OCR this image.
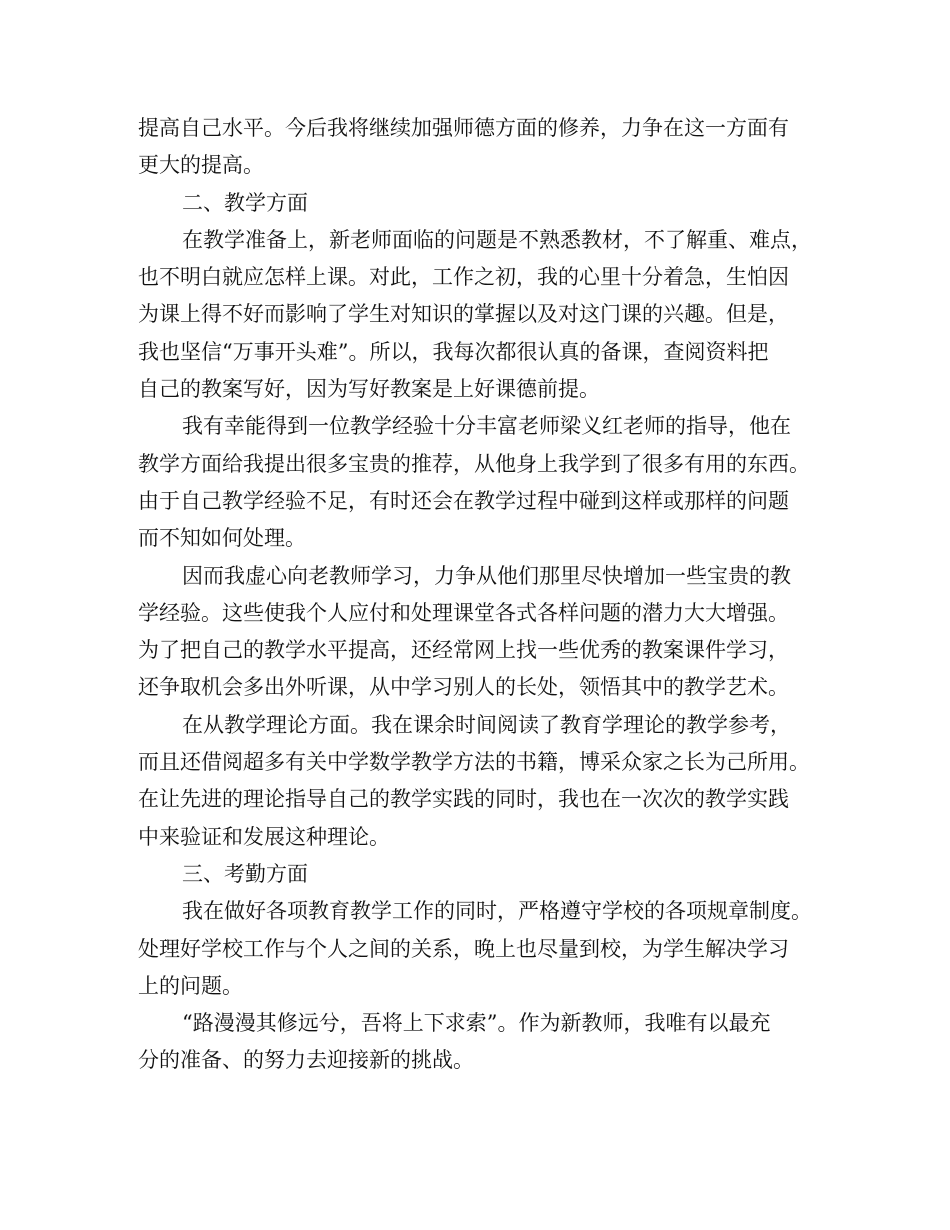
提高自己水平。今后我将继续加强师德方面的修养，力争在这一方面有
更大的提高。
二、教学方面
在教学准备上，新老师面临的问题是不熟悉教材，不了解重、难点，
也不明白就应怎样上课。对此，工作之初，我的心里十分着急，生怕因
为课上得不好而影响了学生对知识的掌握以及对这门课的兴趣。但是，
我也坚信“万事开头难”。所以，我每次都很认真的备课，查阅资料把
自己的教案写好，因为写好教案是上好课德前提。
我有幸能得到一位教学经验十分丰富老师梁义红老师的指导，他在
教学方面给我提出很多宝贵的推荐，从他身上我学到了很多有用的东西。
由于自己教学经验不足，有时还会在教学过程中碰到这样或那样的问题
而不知如何处理。
因而我虚心向老教师学习，力争从他们那里尽快增加一些宝贵的教
学经验。这些使我个人应付和处理课堂各式各样问题的潜力大大增强。
为了把自己的教学水平提高，还经常网上找一些优秀的教案课件学习，
还争取机会多出外听课，从中学习别人的长处，领悟其中的教学艺术。
在从教学理论方面。我在课余时间阅读了教育学理论的教学参考，
而且还借阅超多有关中学数学教学方法的书籍，博采众家之长为己所用。
在让先进的理论指导自己的教学实践的同时，我也在一次次的教学实践
中来验证和发展这种理论。
三、考勤方面
我在做好各项教育教学工作的同时，严格遵守学校的各项规章制度。
处理好学校工作与个人之间的关系，晚上也尽量到校，为学生解决学习
上的问题。
“路漫漫其修远兮，吾将上下求索”。作为新教师，我唯有以最充
分的准备、的努力去迎接新的挑战。
